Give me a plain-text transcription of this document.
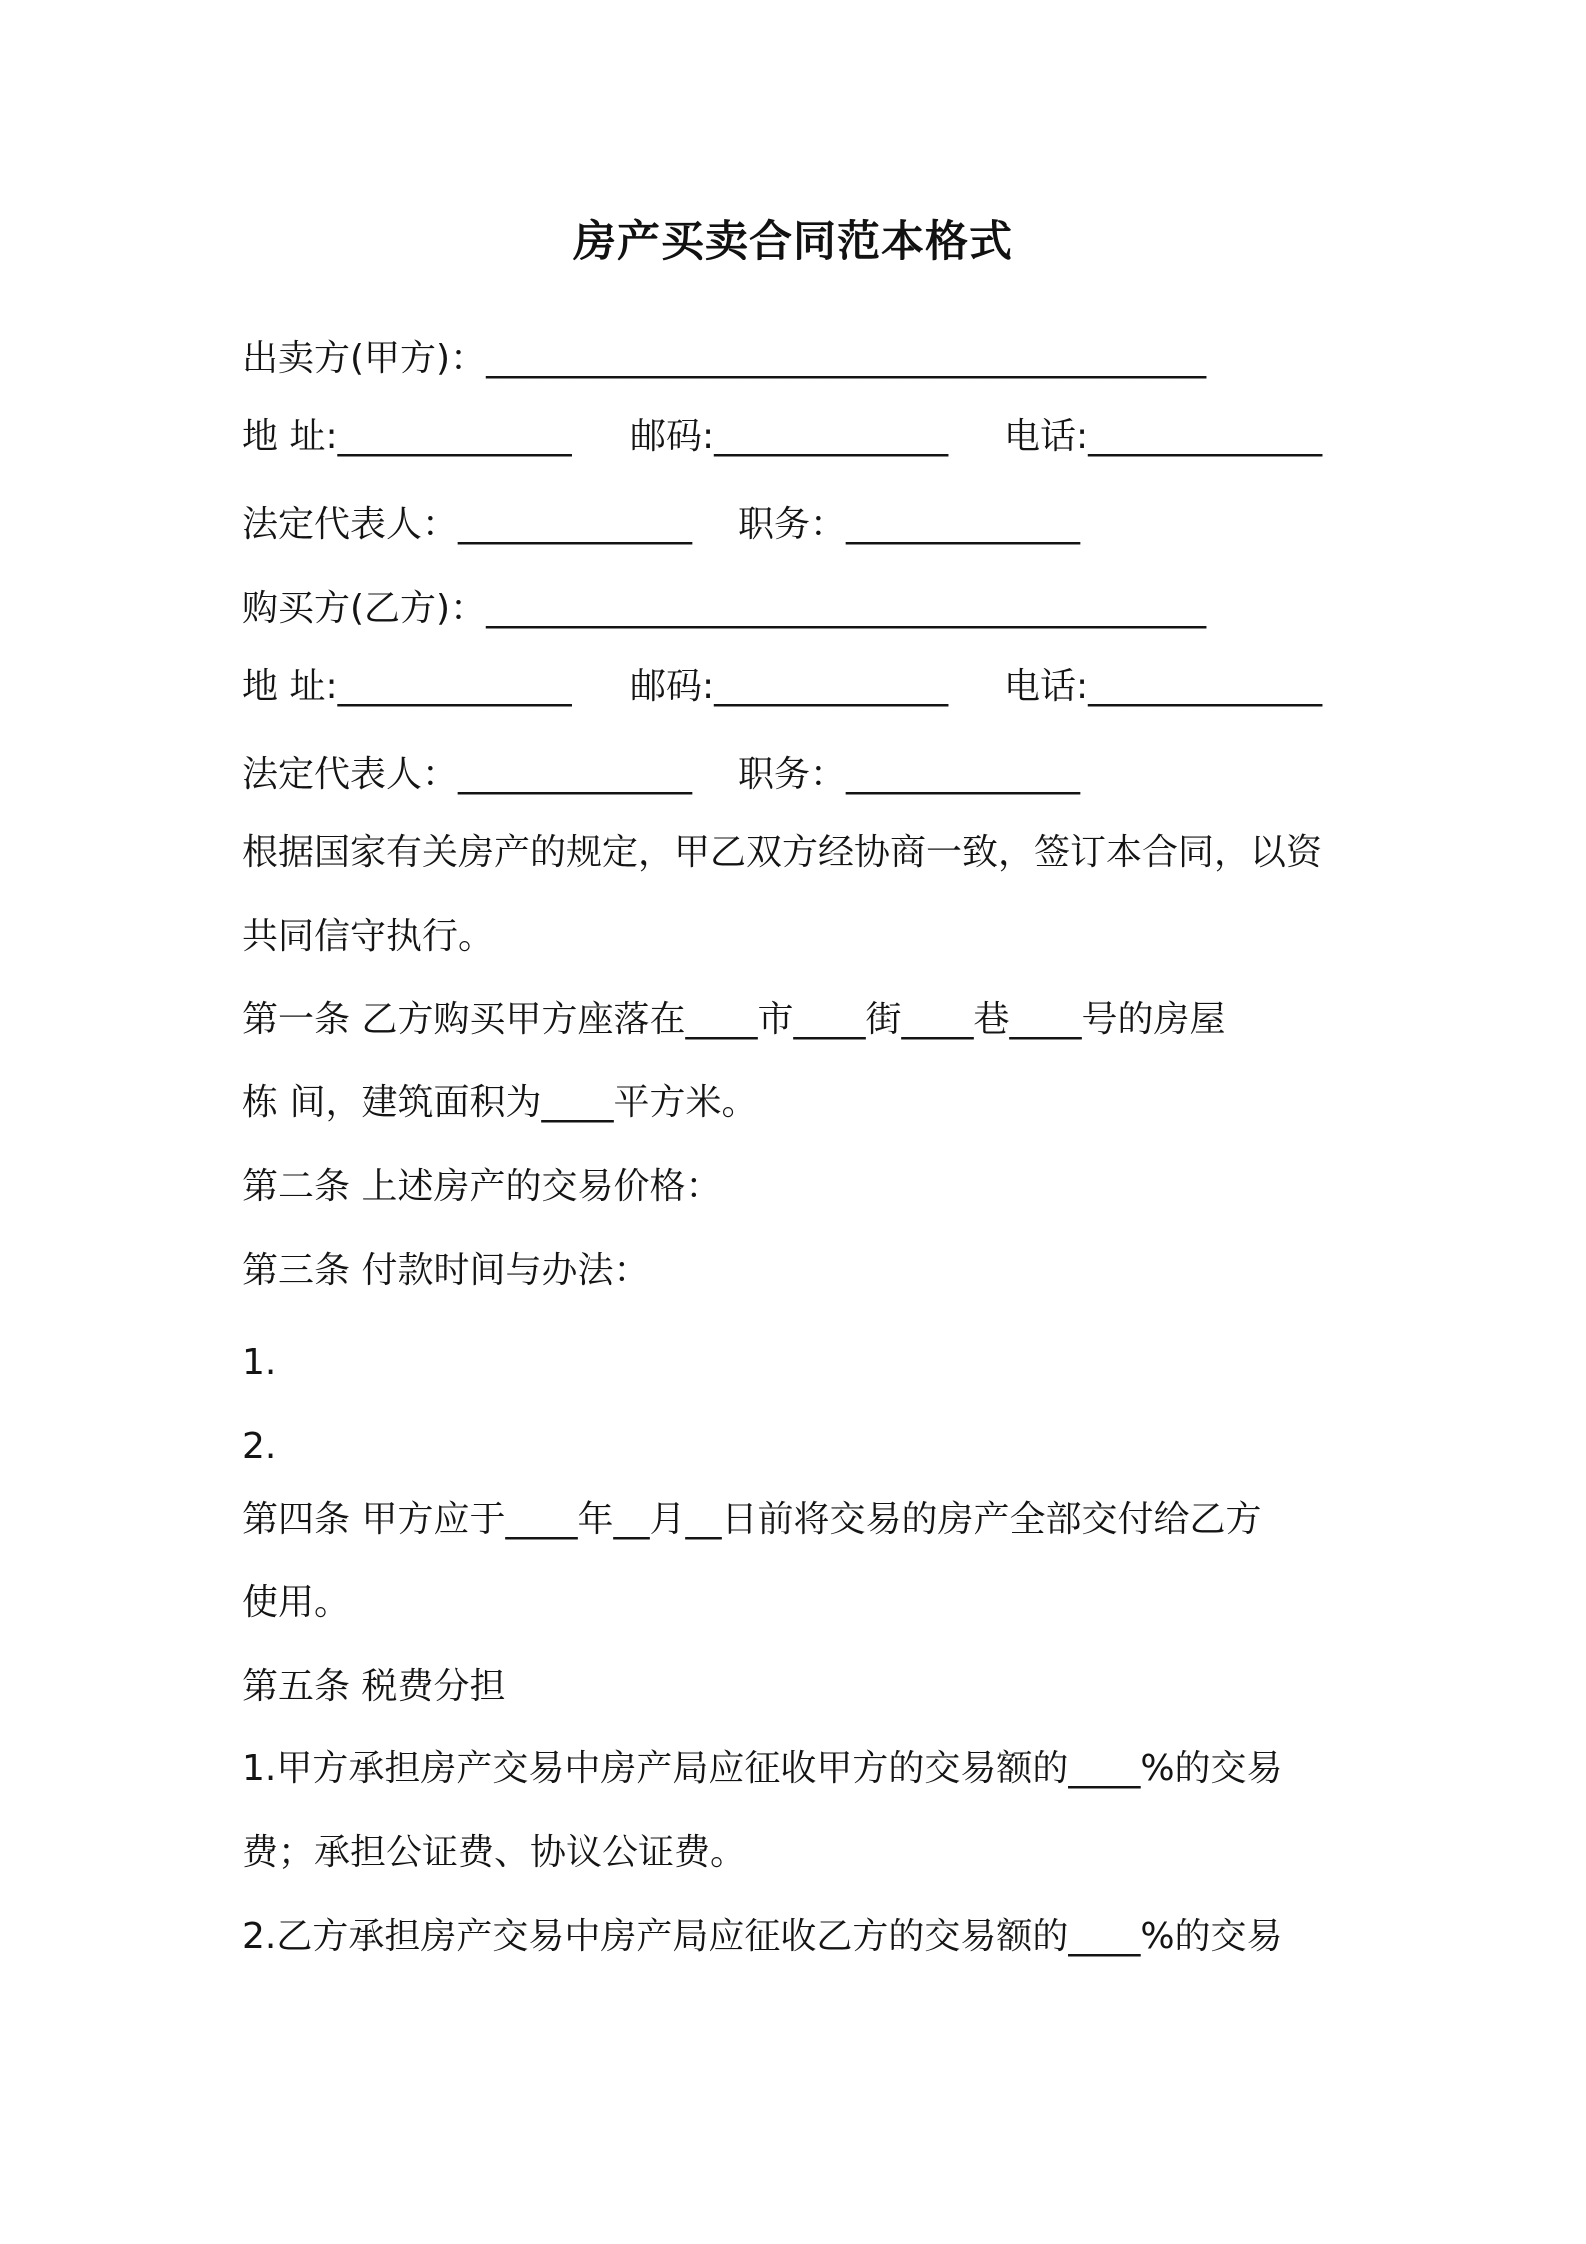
房产买卖合同范本格式
出卖方(甲方)：________________________________________
地 址:_____________ 邮码:_____________ 电话:_____________
法定代表人：_____________ 职务：_____________
购买方(乙方)：________________________________________
地 址:_____________ 邮码:_____________ 电话:_____________
法定代表人：_____________ 职务：_____________
根据国家有关房产的规定，甲乙双方经协商一致，签订本合同，以资
共同信守执行。
第一条 乙方购买甲方座落在____市____街____巷____号的房屋
栋 间，建筑面积为____平方米。
第二条 上述房产的交易价格：
第三条 付款时间与办法：
1.
2.
第四条 甲方应于____年__月__日前将交易的房产全部交付给乙方
使用。
第五条 税费分担
1.甲方承担房产交易中房产局应征收甲方的交易额的____%的交易
费；承担公证费、协议公证费。
2.乙方承担房产交易中房产局应征收乙方的交易额的____%的交易
